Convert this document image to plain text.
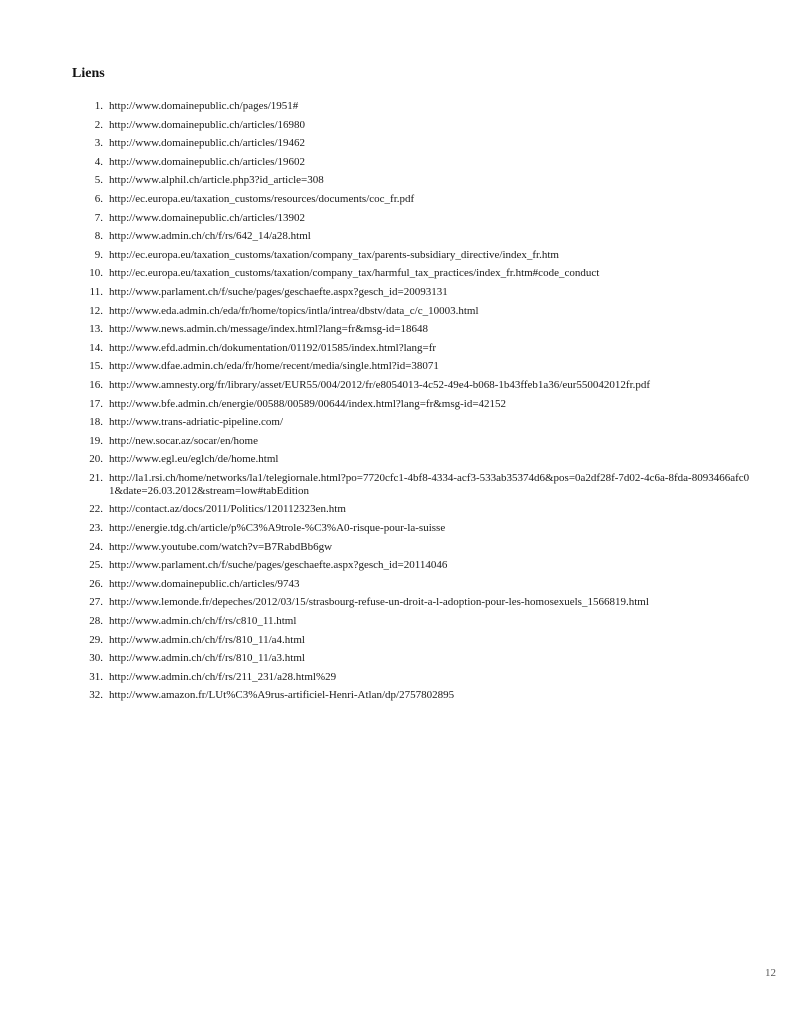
Liens
1. http://www.domainepublic.ch/pages/1951#
2. http://www.domainepublic.ch/articles/16980
3. http://www.domainepublic.ch/articles/19462
4. http://www.domainepublic.ch/articles/19602
5. http://www.alphil.ch/article.php3?id_article=308
6. http://ec.europa.eu/taxation_customs/resources/documents/coc_fr.pdf
7. http://www.domainepublic.ch/articles/13902
8. http://www.admin.ch/ch/f/rs/642_14/a28.html
9. http://ec.europa.eu/taxation_customs/taxation/company_tax/parents-subsidiary_directive/index_fr.htm
10. http://ec.europa.eu/taxation_customs/taxation/company_tax/harmful_tax_practices/index_fr.htm#code_conduct
11. http://www.parlament.ch/f/suche/pages/geschaefte.aspx?gesch_id=20093131
12. http://www.eda.admin.ch/eda/fr/home/topics/intla/intrea/dbstv/data_c/c_10003.html
13. http://www.news.admin.ch/message/index.html?lang=fr&msg-id=18648
14. http://www.efd.admin.ch/dokumentation/01192/01585/index.html?lang=fr
15. http://www.dfae.admin.ch/eda/fr/home/recent/media/single.html?id=38071
16. http://www.amnesty.org/fr/library/asset/EUR55/004/2012/fr/e8054013-4c52-49e4-b068-1b43ffeb1a36/eur550042012fr.pdf
17. http://www.bfe.admin.ch/energie/00588/00589/00644/index.html?lang=fr&msg-id=42152
18. http://www.trans-adriatic-pipeline.com/
19. http://new.socar.az/socar/en/home
20. http://www.egl.eu/eglch/de/home.html
21. http://la1.rsi.ch/home/networks/la1/telegiornale.html?po=7720cfc1-4bf8-4334-acf3-533ab35374d6&pos=0a2df28f-7d02-4c6a-8fda-8093466afc01&date=26.03.2012&stream=low#tabEdition
22. http://contact.az/docs/2011/Politics/120112323en.htm
23. http://energie.tdg.ch/article/p%C3%A9trole-%C3%A0-risque-pour-la-suisse
24. http://www.youtube.com/watch?v=B7RabdBb6gw
25. http://www.parlament.ch/f/suche/pages/geschaefte.aspx?gesch_id=20114046
26. http://www.domainepublic.ch/articles/9743
27. http://www.lemonde.fr/depeches/2012/03/15/strasbourg-refuse-un-droit-a-l-adoption-pour-les-homosexuels_1566819.html
28. http://www.admin.ch/ch/f/rs/c810_11.html
29. http://www.admin.ch/ch/f/rs/810_11/a4.html
30. http://www.admin.ch/ch/f/rs/810_11/a3.html
31. http://www.admin.ch/ch/f/rs/211_231/a28.html%29
32. http://www.amazon.fr/LUt%C3%A9rus-artificiel-Henri-Atlan/dp/2757802895
12
